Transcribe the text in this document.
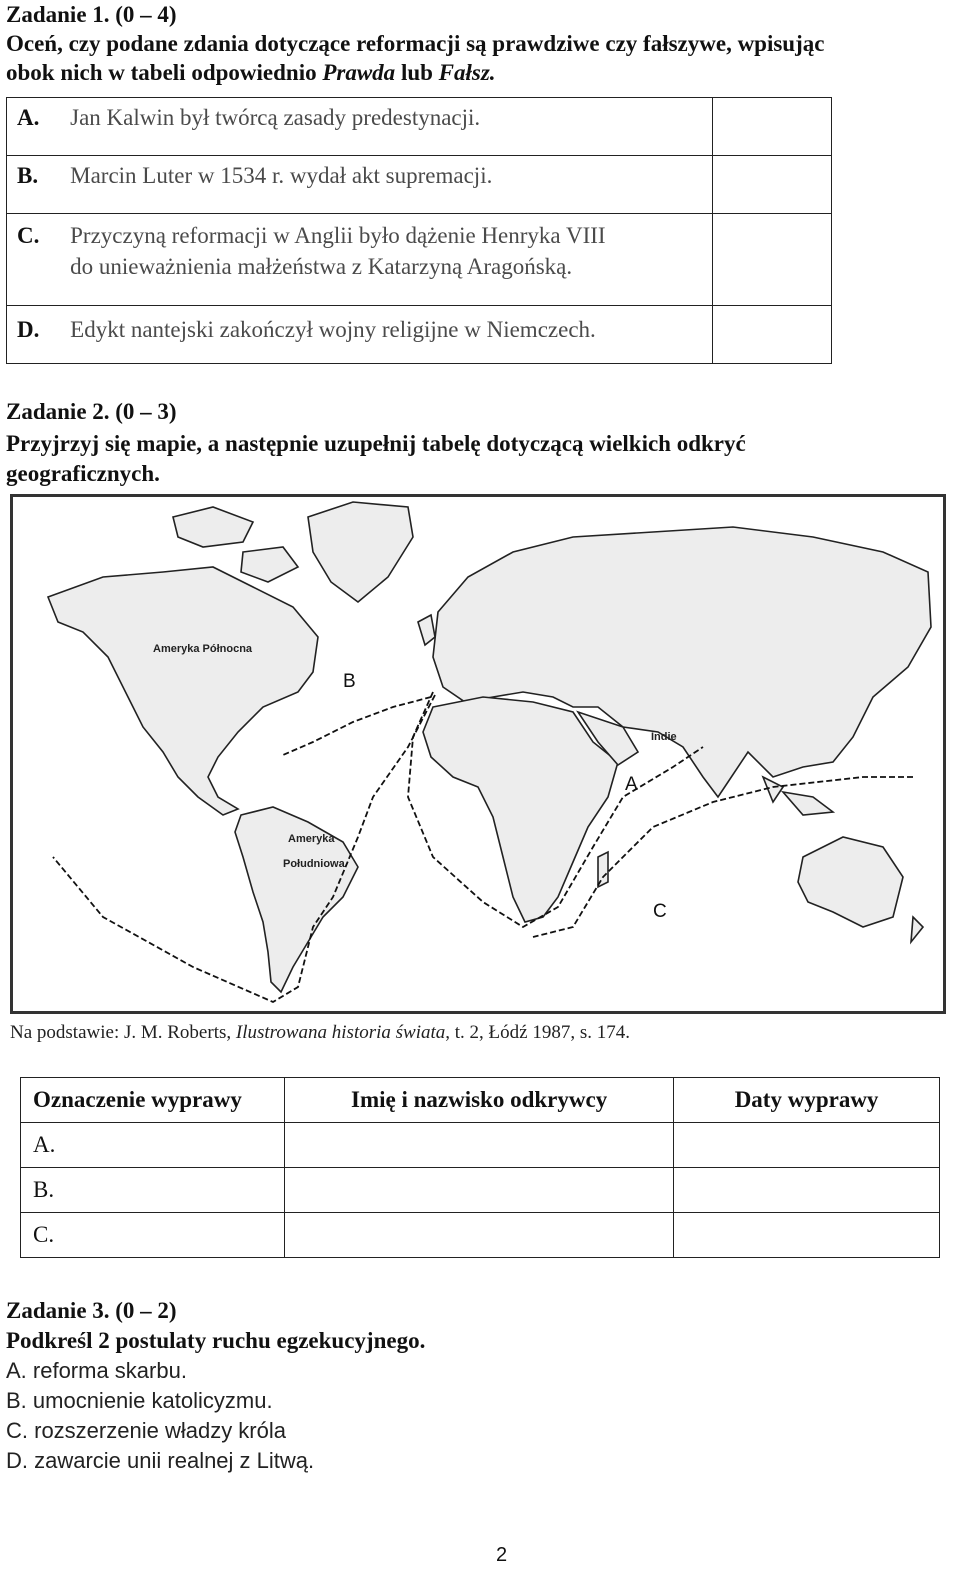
Zadanie 1. (0 – 4)
Oceń, czy podane zdania dotyczące reformacji są prawdziwe czy fałszywe, wpisując
obok nich w tabeli odpowiednio Prawda lub Fałsz.
A.	Jan Kalwin był twórcą zasady predestynacji.	
B.	Marcin Luter w 1534 r. wydał akt supremacji.	
C.	Przyczyną reformacji w Anglii było dążenie Henryka VIII
do unieważnienia małżeństwa z Katarzyną Aragońską.	

D.	Edykt nantejski zakończył wojny religijne w Niemczech.	
Zadanie 2. (0 – 3)
Przyjrzyj się mapie, a następnie uzupełnij tabelę dotyczącą wielkich odkryć
geograficznych.
Ameryka Północna
Ameryka
Południowa
Indie
A
B
C
Na podstawie: J. M. Roberts, Ilustrowana historia świata, t. 2, Łódź 1987, s. 174.
Oznaczenie wyprawy	Imię i nazwisko odkrywcy	Daty wyprawy
A.		
B.		
C.		
Zadanie 3. (0 – 2)
Podkreśl 2 postulaty ruchu egzekucyjnego.
A. reforma skarbu.
B. umocnienie katolicyzmu.
C. rozszerzenie władzy króla
D. zawarcie unii realnej z Litwą.
2
